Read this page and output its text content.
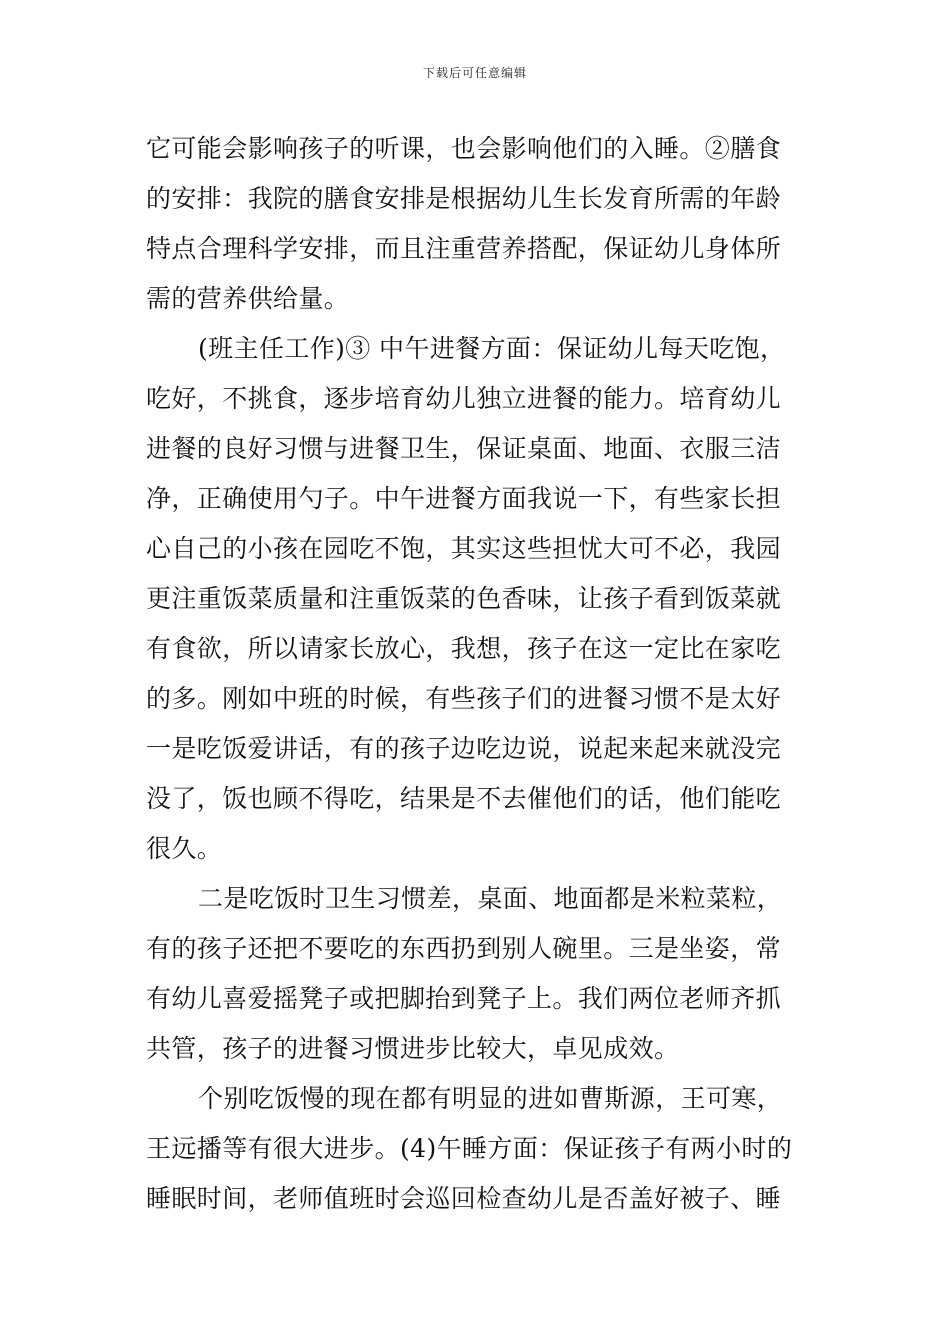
下载后可任意编辑
它可能会影响孩子的听课，也会影响他们的入睡。②膳食
的安排：我院的膳食安排是根据幼儿生长发育所需的年龄
特点合理科学安排，而且注重营养搭配，保证幼儿身体所
需的营养供给量。
(班主任工作)③ 中午进餐方面：保证幼儿每天吃饱，
吃好，不挑食，逐步培育幼儿独立进餐的能力。培育幼儿
进餐的良好习惯与进餐卫生，保证桌面、地面、衣服三洁
净，正确使用勺子。中午进餐方面我说一下，有些家长担
心自己的小孩在园吃不饱，其实这些担忧大可不必，我园
更注重饭菜质量和注重饭菜的色香味，让孩子看到饭菜就
有食欲，所以请家长放心，我想，孩子在这一定比在家吃
的多。刚如中班的时候，有些孩子们的进餐习惯不是太好
一是吃饭爱讲话，有的孩子边吃边说，说起来起来就没完
没了，饭也顾不得吃，结果是不去催他们的话，他们能吃
很久。
二是吃饭时卫生习惯差，桌面、地面都是米粒菜粒，
有的孩子还把不要吃的东西扔到别人碗里。三是坐姿，常
有幼儿喜爱摇凳子或把脚抬到凳子上。我们两位老师齐抓
共管，孩子的进餐习惯进步比较大，卓见成效。
个别吃饭慢的现在都有明显的进如曹斯源，王可寒，
王远播等有很大进步。(4)午睡方面：保证孩子有两小时的
睡眠时间，老师值班时会巡回检查幼儿是否盖好被子、睡
